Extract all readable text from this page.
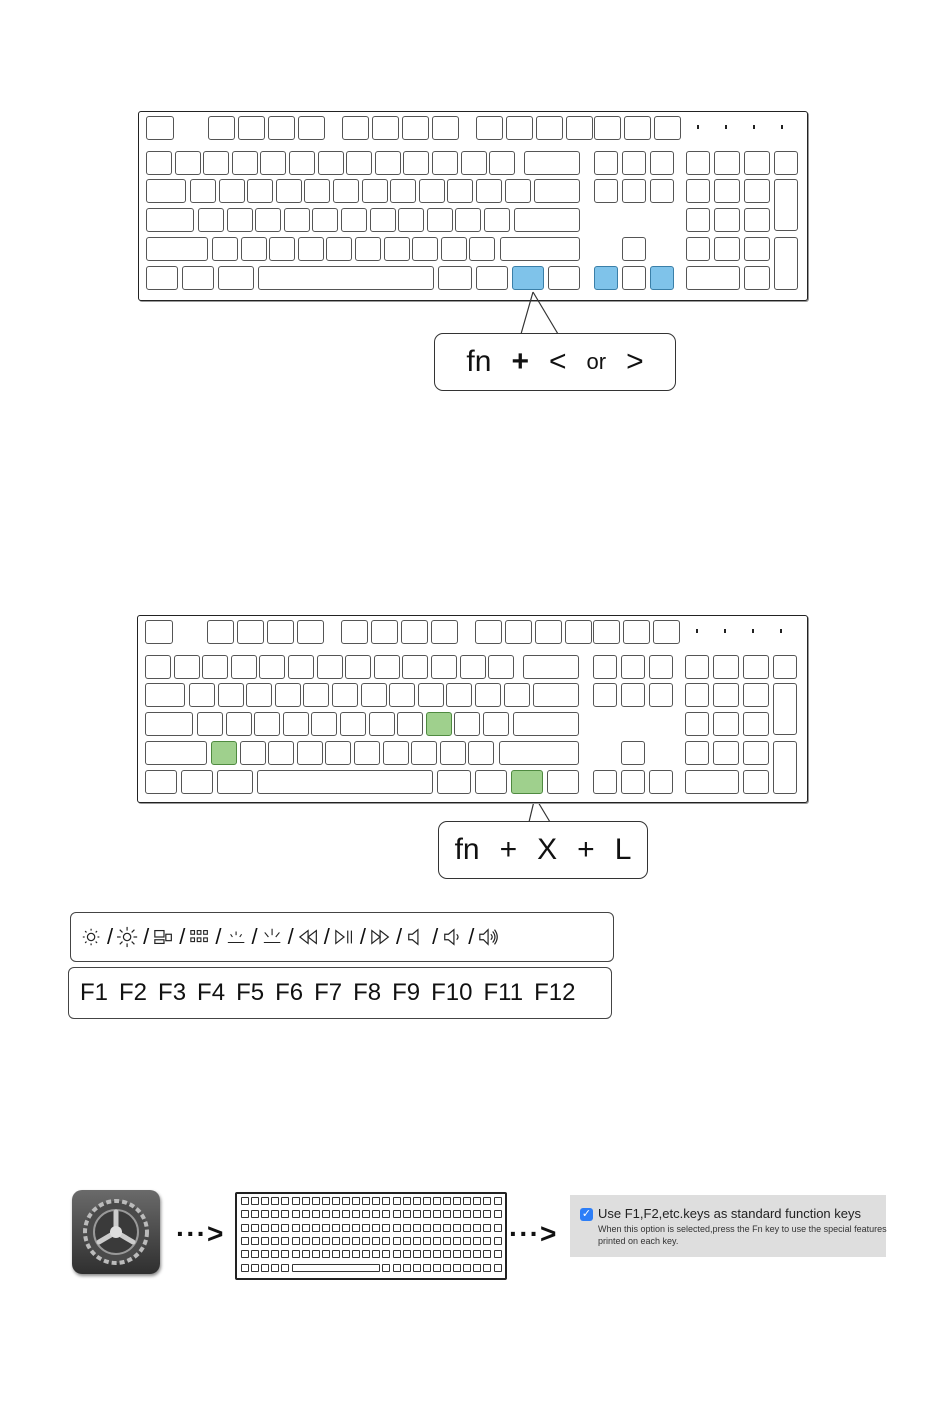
fn + < or >
fn + X + L
/ / / / / / / / / / /
F1 F2 F3 F4 F5 F6 F7 F8 F9 F10 F11 F12
···>	···>
✓ Use F1,F2,etc.keys as standard function keys
When this option is selected,press the Fn key to use the special features printed on each key.
